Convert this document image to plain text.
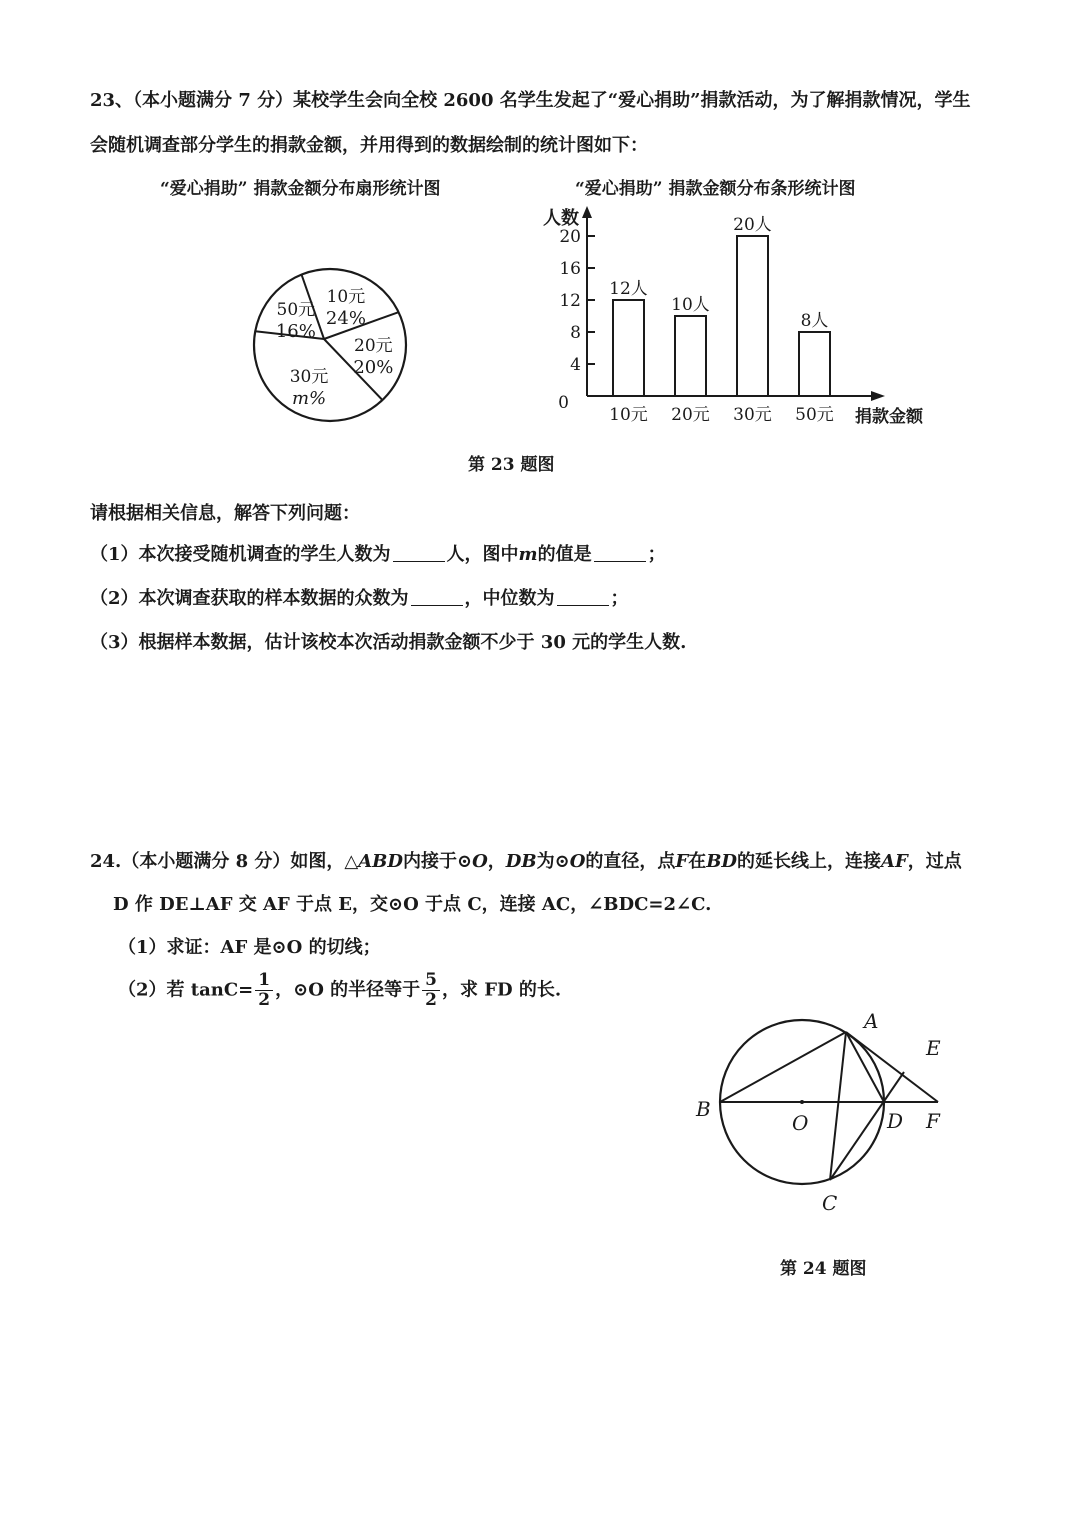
23、（本小题满分 7 分）某校学生会向全校 2600 名学生发起了“爱心捐助”捐款活动，为了解捐款情况，学生
会随机调查部分学生的捐款金额，并用得到的数据绘制的统计图如下：
“爱心捐助” 捐款金额分布扇形统计图	“爱心捐助” 捐款金额分布条形统计图
10元
24%
20元
20%
30元
m%
50元
16%
人数
捐款金额
0
4
8
12
16
20
12人
10元
10人
20元
20人
30元
8人
50元
第 23 题图
请根据相关信息，解答下列问题：
（1）本次接受随机调查的学生人数为	人，图中m的值是	；
（2）本次调查获取的样本数据的众数为	，中位数为	；
（3）根据样本数据，估计该校本次活动捐款金额不少于 30 元的学生人数.
24.（本小题满分 8 分）如图，△ABD内接于⊙O，DB为⊙O的直径，点F在BD的延长线上，连接AF，过点
D 作 DE⊥AF 交 AF 于点 E，交⊙O 于点 C，连接 AC，∠BDC=2∠C.
（1）求证：AF 是⊙O 的切线；
（2）若 $\tan C= \frac{1}{2}$ ，⊙O 的半径等于 $\frac{5}{2}$ ，求 FD 的长.
A
B
C
D
E
F
O
第 24 题图
